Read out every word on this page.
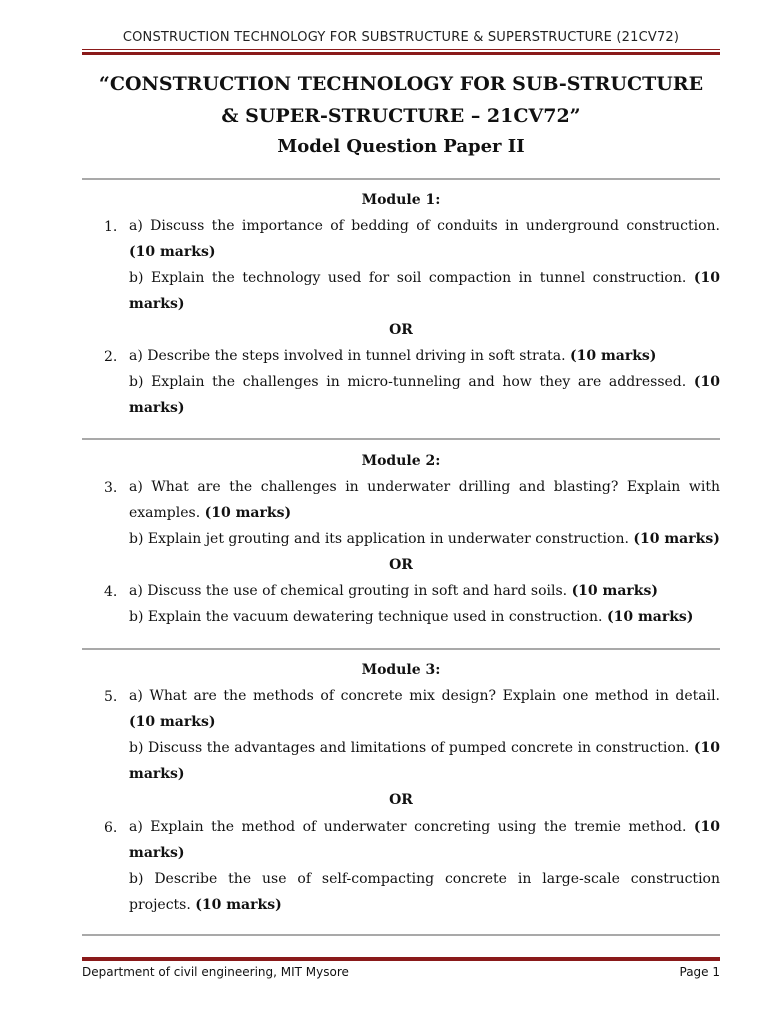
CONSTRUCTION TECHNOLOGY FOR SUBSTRUCTURE & SUPERSTRUCTURE (21CV72)
“CONSTRUCTION TECHNOLOGY FOR SUB-STRUCTURE
& SUPER-STRUCTURE – 21CV72”
Model Question Paper II
Module 1:
1. a) Discuss the importance of bedding of conduits in underground construction. (10 marks)
b) Explain the technology used for soil compaction in tunnel construction. (10 marks)
OR
2. a) Describe the steps involved in tunnel driving in soft strata. (10 marks)
b) Explain the challenges in micro-tunneling and how they are addressed. (10 marks)
Module 2:
3. a) What are the challenges in underwater drilling and blasting? Explain with examples. (10 marks)
b) Explain jet grouting and its application in underwater construction. (10 marks)
OR
4. a) Discuss the use of chemical grouting in soft and hard soils. (10 marks)
b) Explain the vacuum dewatering technique used in construction. (10 marks)
Module 3:
5. a) What are the methods of concrete mix design? Explain one method in detail. (10 marks)
b) Discuss the advantages and limitations of pumped concrete in construction. (10 marks)
OR
6. a) Explain the method of underwater concreting using the tremie method. (10 marks)
b) Describe the use of self-compacting concrete in large-scale construction projects. (10 marks)
Department of civil engineering, MIT Mysore	Page 1
